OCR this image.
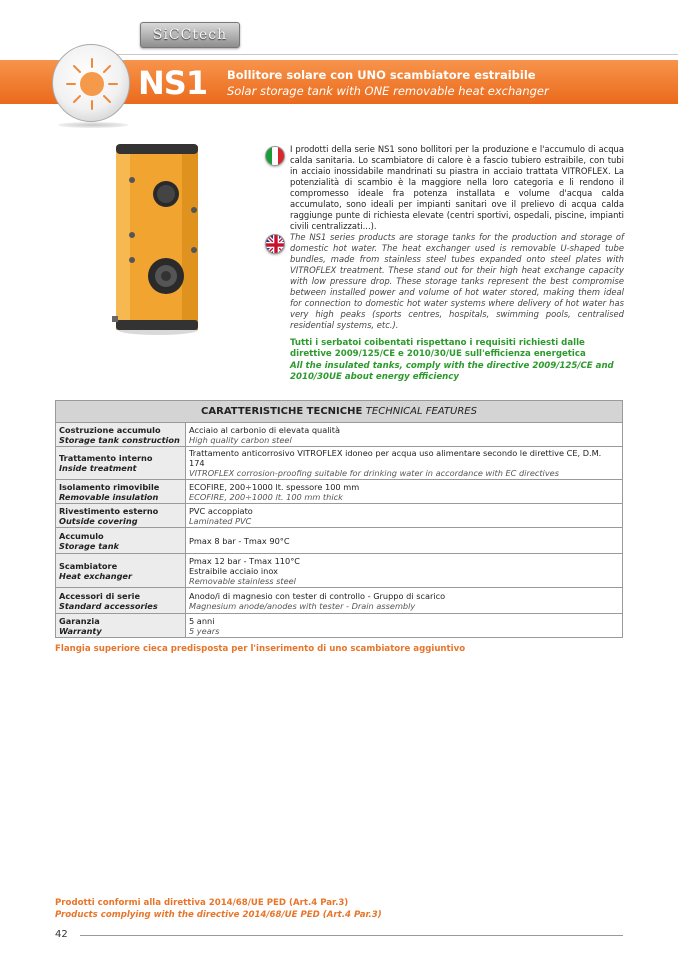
SiCCtech
NS1 Bollitore solare con UNO scambiatore estraibile
Solar storage tank with ONE removable heat exchanger
I prodotti della serie NS1 sono bollitori per la produzione e l'accumulo di acqua calda sanitaria. Lo scambiatore di calore è a fascio tubiero estraibile, con tubi in acciaio inossidabile mandrinati su piastra in acciaio trattata VITROFLEX. La potenzialità di scambio è la maggiore nella loro categoria e li rendono il compromesso ideale fra potenza installata e volume d'acqua calda accumulato, sono ideali per impianti sanitari ove il prelievo di acqua calda raggiunge punte di richiesta elevate (centri sportivi, ospedali, piscine, impianti civili centralizzati...).
The NS1 series products are storage tanks for the production and storage of domestic hot water. The heat exchanger used is removable U-shaped tube bundles, made from stainless steel tubes expanded onto steel plates with VITROFLEX treatment. These stand out for their high heat exchange capacity with low pressure drop. These storage tanks represent the best compromise between installed power and volume of hot water stored, making them ideal for connection to domestic hot water systems where delivery of hot water has very high peaks (sports centres, hospitals, swimming pools, centralised residential systems, etc.).
Tutti i serbatoi coibentati rispettano i requisiti richiesti dalle direttive 2009/125/CE e 2010/30/UE sull'efficienza energetica
All the insulated tanks, comply with the directive 2009/125/CE and 2010/30UE about energy efficiency
CARATTERISTICHE TECNICHE TECHNICAL FEATURES	
Costruzione accumulo
Storage tank construction	Acciaio al carbonio di elevata qualità
High quality carbon steel

Trattamento interno
Inside treatment	Trattamento anticorrosivo VITROFLEX idoneo per acqua uso alimentare secondo le direttive CE, D.M. 174
VITROFLEX corrosion-proofing suitable for drinking water in accordance with EC directives

Isolamento rimovibile
Removable insulation	ECOFIRE, 200÷1000 lt. spessore 100 mm
ECOFIRE, 200÷1000 lt. 100 mm thick

Rivestimento esterno
Outside covering	PVC accoppiato
Laminated PVC

Accumulo
Storage tank	Pmax 8 bar - Tmax 90°C

Scambiatore
Heat exchanger	Pmax 12 bar - Tmax 110°C
Estraibile acciaio inox
Removable stainless steel

Accessori di serie
Standard accessories	Anodo/i di magnesio con tester di controllo - Gruppo di scarico
Magnesium anode/anodes with tester - Drain assembly

Garanzia
Warranty	5 anni
5 years
Flangia superiore cieca predisposta per l'inserimento di uno scambiatore aggiuntivo
Prodotti conformi alla direttiva 2014/68/UE PED (Art.4 Par.3)
Products complying with the directive 2014/68/UE PED (Art.4 Par.3)
42
